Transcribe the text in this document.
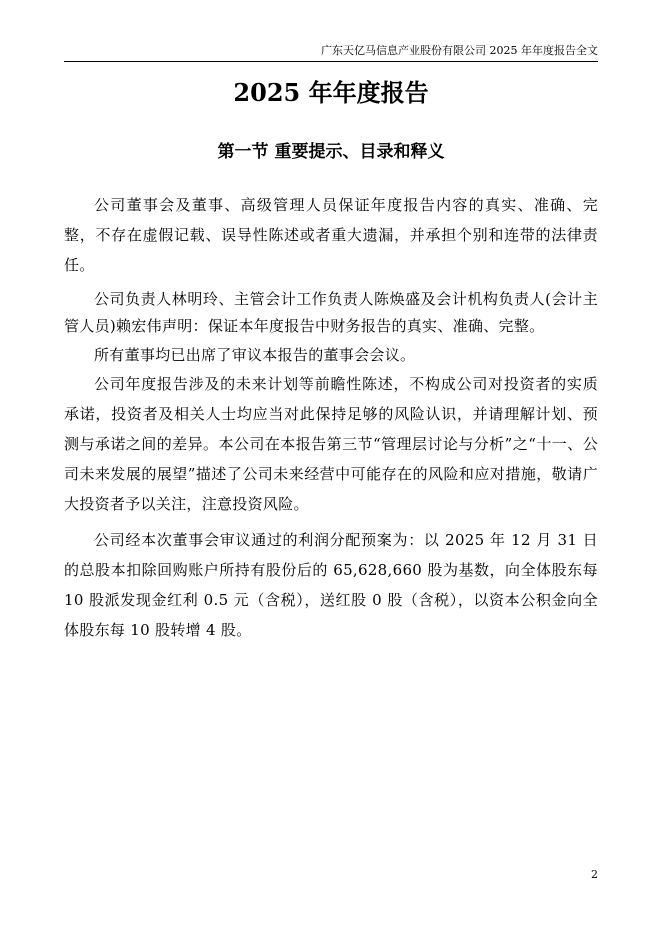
广东天亿马信息产业股份有限公司 2025 年年度报告全文
2025 年年度报告
第一节 重要提示、目录和释义

公司董事会及董事、高级管理人员保证年度报告内容的真实、准确、完整，不存在虚假记载、误导性陈述或者重大遗漏，并承担个别和连带的法律责任。

公司负责人林明玲、主管会计工作负责人陈焕盛及会计机构负责人(会计主管人员)赖宏伟声明：保证本年度报告中财务报告的真实、准确、完整。

所有董事均已出席了审议本报告的董事会会议。

公司年度报告涉及的未来计划等前瞻性陈述，不构成公司对投资者的实质承诺，投资者及相关人士均应当对此保持足够的风险认识，并请理解计划、预测与承诺之间的差异。本公司在本报告第三节“管理层讨论与分析”之“十一、公司未来发展的展望”描述了公司未来经营中可能存在的风险和应对措施，敬请广大投资者予以关注，注意投资风险。

公司经本次董事会审议通过的利润分配预案为：以 2025 年 12 月 31 日的总股本扣除回购账户所持有股份后的 65,628,660 股为基数，向全体股东每 10 股派发现金红利 0.5 元（含税），送红股 0 股（含税），以资本公积金向全体股东每 10 股转增 4 股。

2
